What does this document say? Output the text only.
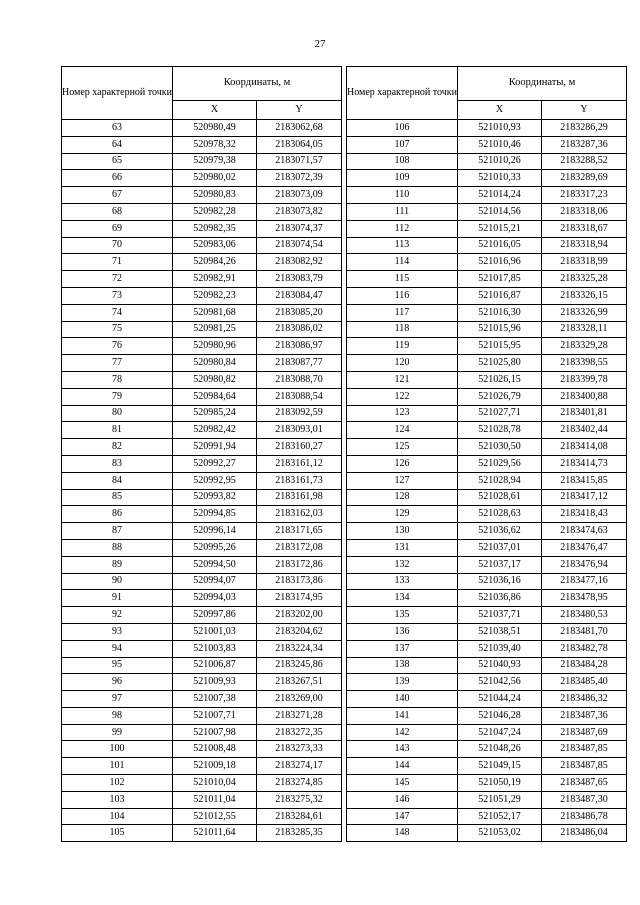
27
Номер характерной точки	Координаты, м	
	X	Y
63	520980,49	2183062,68
64	520978,32	2183064,05
65	520979,38	2183071,57
66	520980,02	2183072,39
67	520980,83	2183073,09
68	520982,28	2183073,82
69	520982,35	2183074,37
70	520983,06	2183074,54
71	520984,26	2183082,92
72	520982,91	2183083,79
73	520982,23	2183084,47
74	520981,68	2183085,20
75	520981,25	2183086,02
76	520980,96	2183086,97
77	520980,84	2183087,77
78	520980,82	2183088,70
79	520984,64	2183088,54
80	520985,24	2183092,59
81	520982,42	2183093,01
82	520991,94	2183160,27
83	520992,27	2183161,12
84	520992,95	2183161,73
85	520993,82	2183161,98
86	520994,85	2183162,03
87	520996,14	2183171,65
88	520995,26	2183172,08
89	520994,50	2183172,86
90	520994,07	2183173,86
91	520994,03	2183174,95
92	520997,86	2183202,00
93	521001,03	2183204,62
94	521003,83	2183224,34
95	521006,87	2183245,86
96	521009,93	2183267,51
97	521007,38	2183269,00
98	521007,71	2183271,28
99	521007,98	2183272,35
100	521008,48	2183273,33
101	521009,18	2183274,17
102	521010,04	2183274,85
103	521011,04	2183275,32
104	521012,55	2183284,61
105	521011,64	2183285,35
Номер характерной точки	Координаты, м	
	X	Y
106	521010,93	2183286,29
107	521010,46	2183287,36
108	521010,26	2183288,52
109	521010,33	2183289,69
110	521014,24	2183317,23
111	521014,56	2183318,06
112	521015,21	2183318,67
113	521016,05	2183318,94
114	521016,96	2183318,99
115	521017,85	2183325,28
116	521016,87	2183326,15
117	521016,30	2183326,99
118	521015,96	2183328,11
119	521015,95	2183329,28
120	521025,80	2183398,55
121	521026,15	2183399,78
122	521026,79	2183400,88
123	521027,71	2183401,81
124	521028,78	2183402,44
125	521030,50	2183414,08
126	521029,56	2183414,73
127	521028,94	2183415,85
128	521028,61	2183417,12
129	521028,63	2183418,43
130	521036,62	2183474,63
131	521037,01	2183476,47
132	521037,17	2183476,94
133	521036,16	2183477,16
134	521036,86	2183478,95
135	521037,71	2183480,53
136	521038,51	2183481,70
137	521039,40	2183482,78
138	521040,93	2183484,28
139	521042,56	2183485,40
140	521044,24	2183486,32
141	521046,28	2183487,36
142	521047,24	2183487,69
143	521048,26	2183487,85
144	521049,15	2183487,85
145	521050,19	2183487,65
146	521051,29	2183487,30
147	521052,17	2183486,78
148	521053,02	2183486,04
